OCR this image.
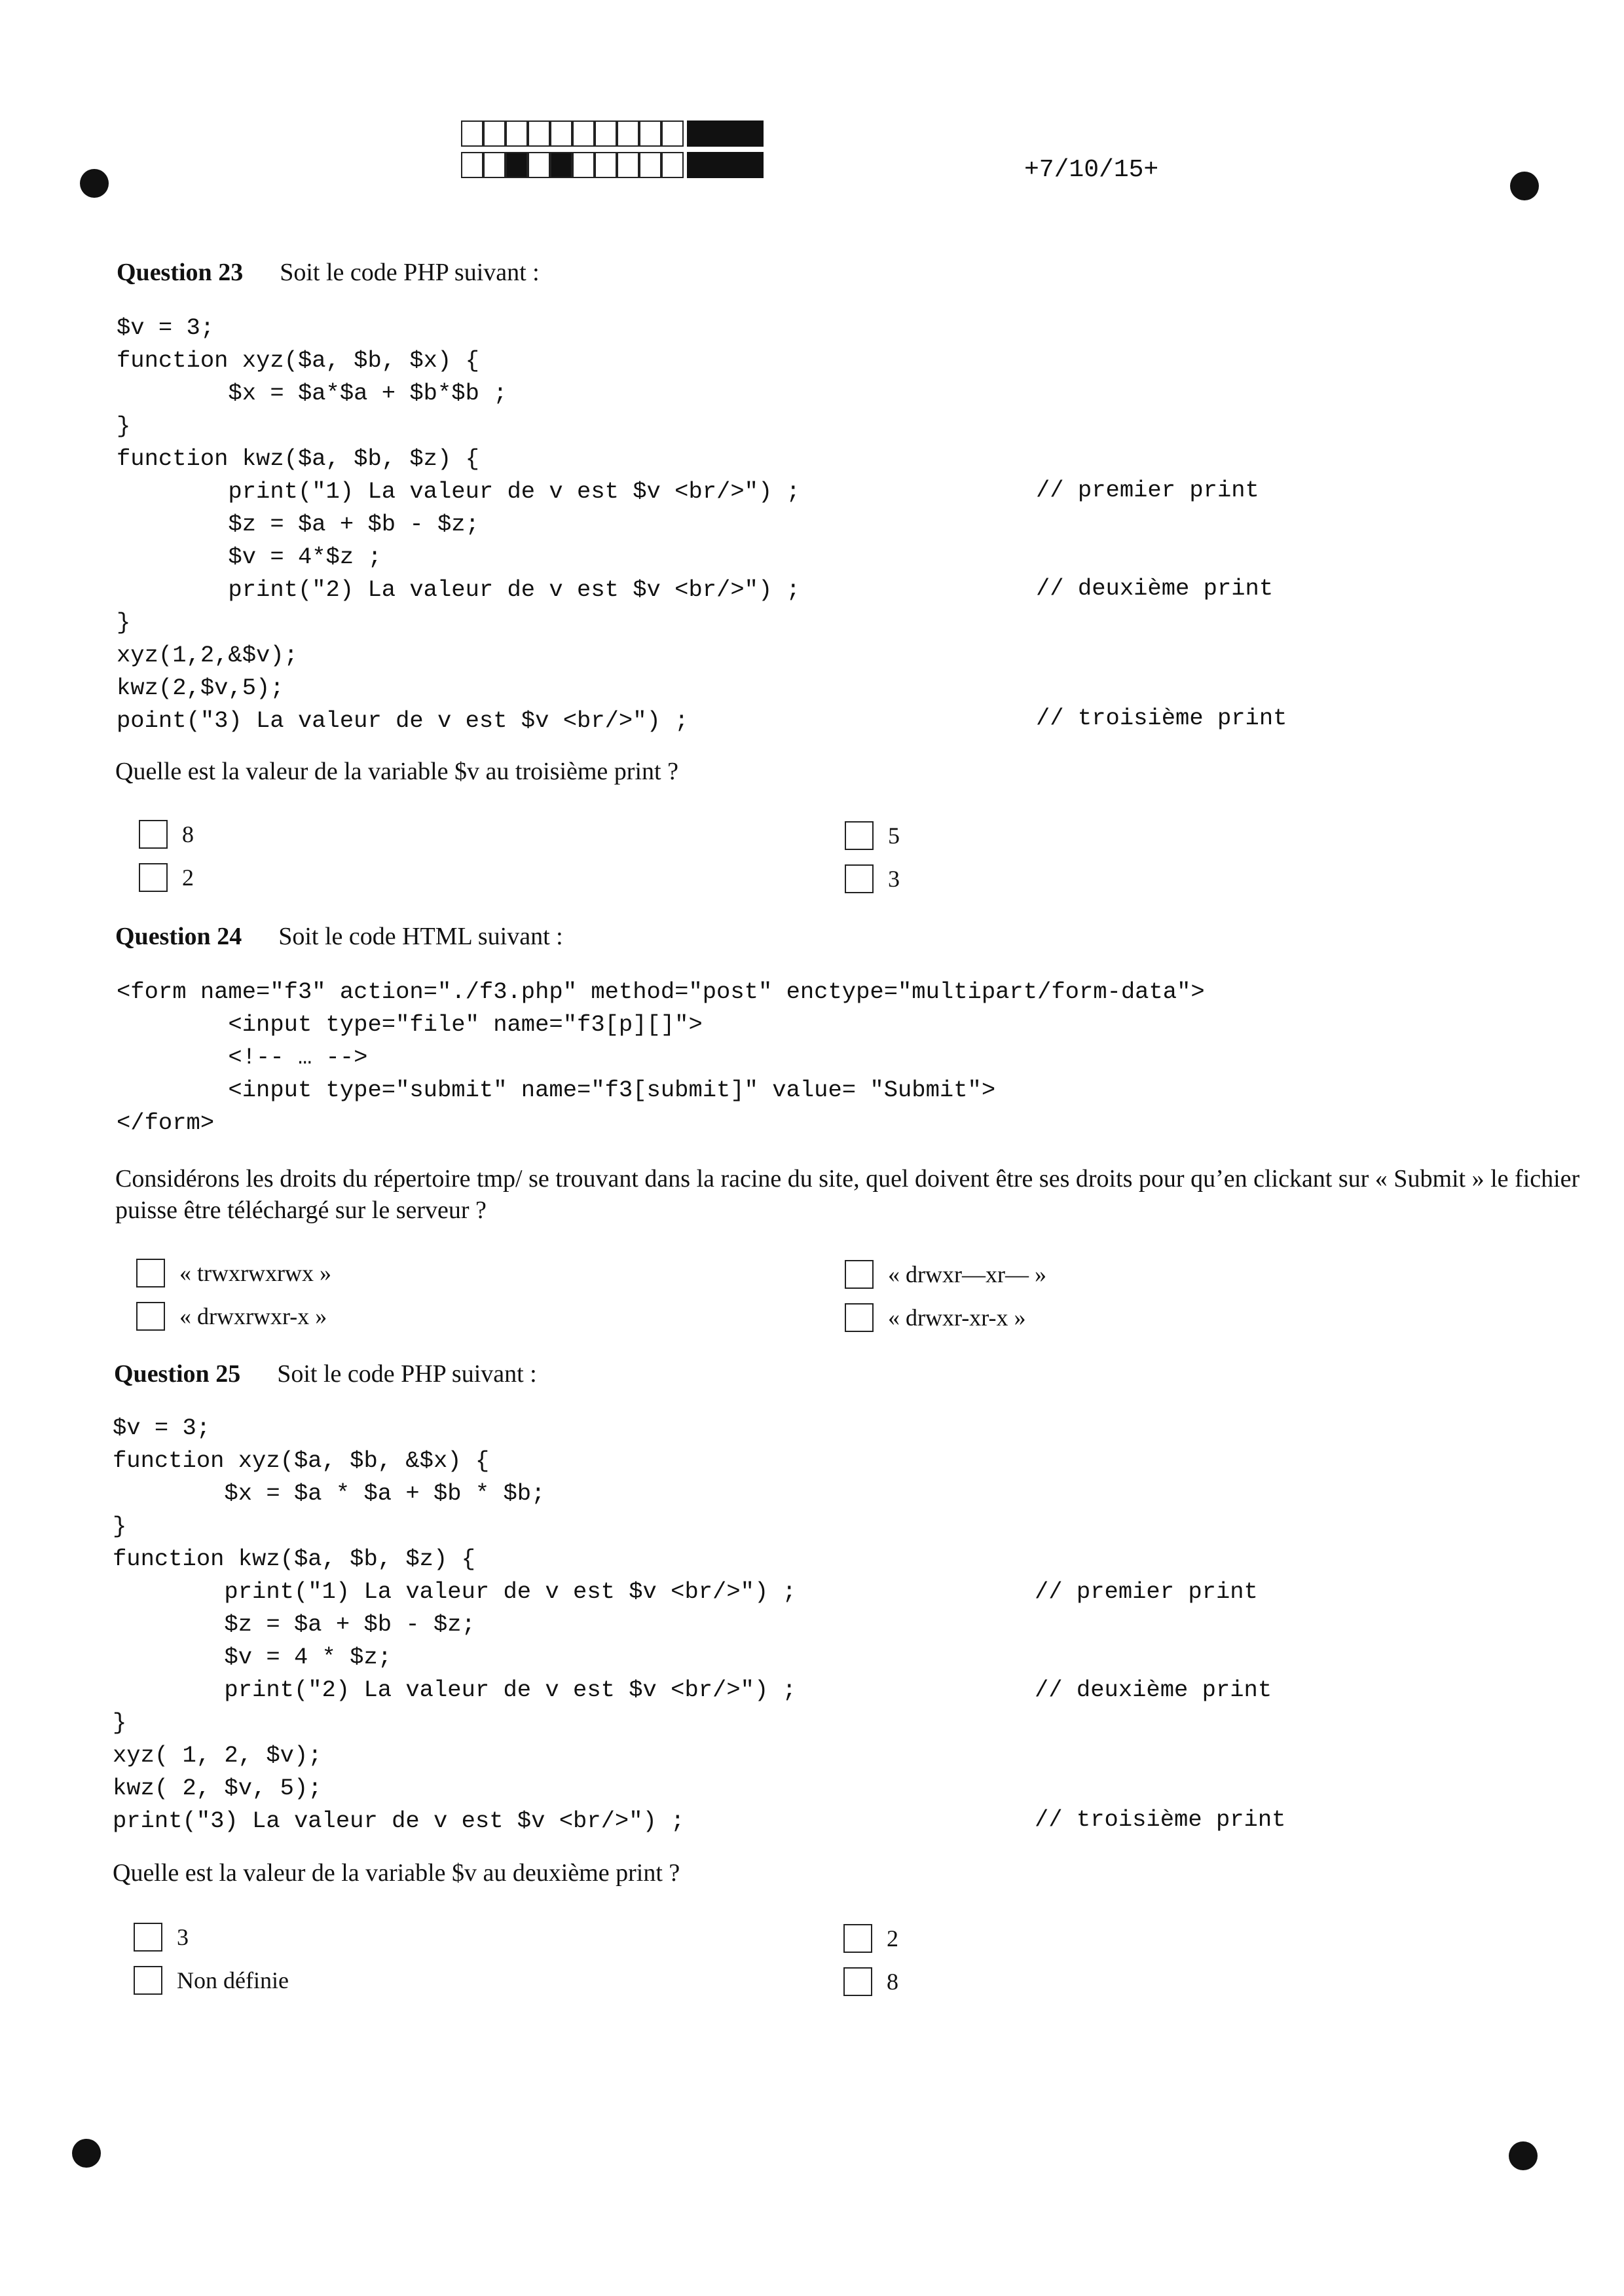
+7/10/15+
Question 23 Soit le code PHP suivant :
$v = 3;
function xyz($a, $b, $x) {
$x = $a*$a + $b*$b ;
}
function kwz($a, $b, $z) {
print("1) La valeur de v est $v <br/>") ;
$z = $a + $b - $z;
$v = 4*$z ;
print("2) La valeur de v est $v <br/>") ;
}
xyz(1,2,&$v);
kwz(2,$v,5);
point("3) La valeur de v est $v <br/>") ;
// premier print
// deuxième print
// troisième print
Quelle est la valeur de la variable $v au troisième print ?
8
2
5
3
Question 24 Soit le code HTML suivant :
<form name="f3" action="./f3.php" method="post" enctype="multipart/form-data">
<input type="file" name="f3[p][]">
<!-- … -->
<input type="submit" name="f3[submit]" value= "Submit">
</form>
Considérons les droits du répertoire tmp/ se trouvant dans la racine du site, quel doivent être ses droits pour qu’en clickant sur « Submit » le fichier puisse être téléchargé sur le serveur ?
« trwxrwxrwx »
« drwxrwxr-x »
« drwxr—xr— »
« drwxr-xr-x »
Question 25 Soit le code PHP suivant :
$v = 3;
function xyz($a, $b, &$x) {
$x = $a * $a + $b * $b;
}
function kwz($a, $b, $z) {
print("1) La valeur de v est $v <br/>") ;
$z = $a + $b - $z;
$v = 4 * $z;
print("2) La valeur de v est $v <br/>") ;
}
xyz( 1, 2, $v);
kwz( 2, $v, 5);
print("3) La valeur de v est $v <br/>") ;
// premier print
// deuxième print
// troisième print
Quelle est la valeur de la variable $v au deuxième print ?
3
Non définie
2
8
